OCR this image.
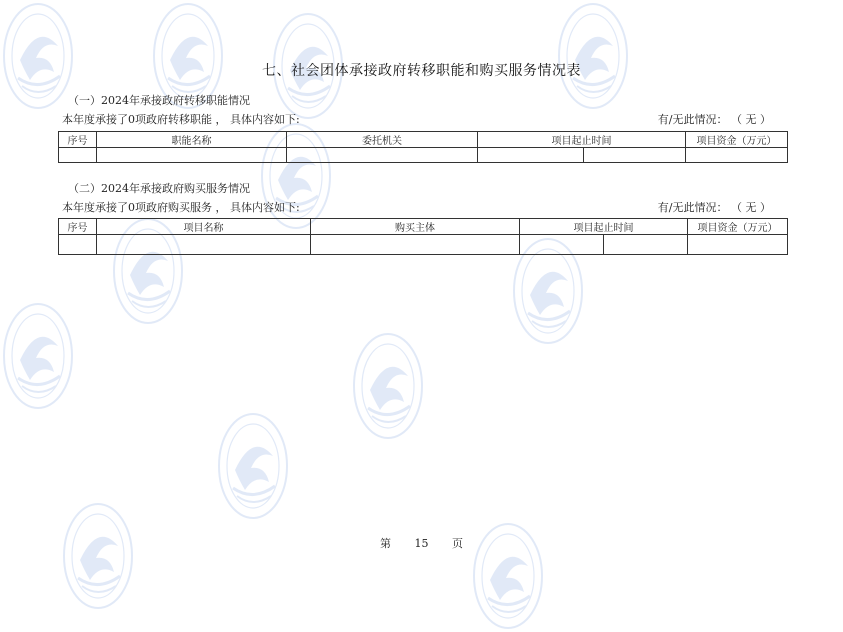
七、社会团体承接政府转移职能和购买服务情况表
（一）2024年承接政府转移职能情况
本年度承接了0项政府转移职能 ， 具体内容如下:	有/无此情况： （ 无 ）
序号	职能名称	委托机关	项目起止时间		项目资金（万元）

（二）2024年承接政府购买服务情况
本年度承接了0项政府购买服务 ， 具体内容如下:	有/无此情况： （ 无 ）
序号	项目名称	购买主体	项目起止时间		项目资金（万元）

第 15 页
